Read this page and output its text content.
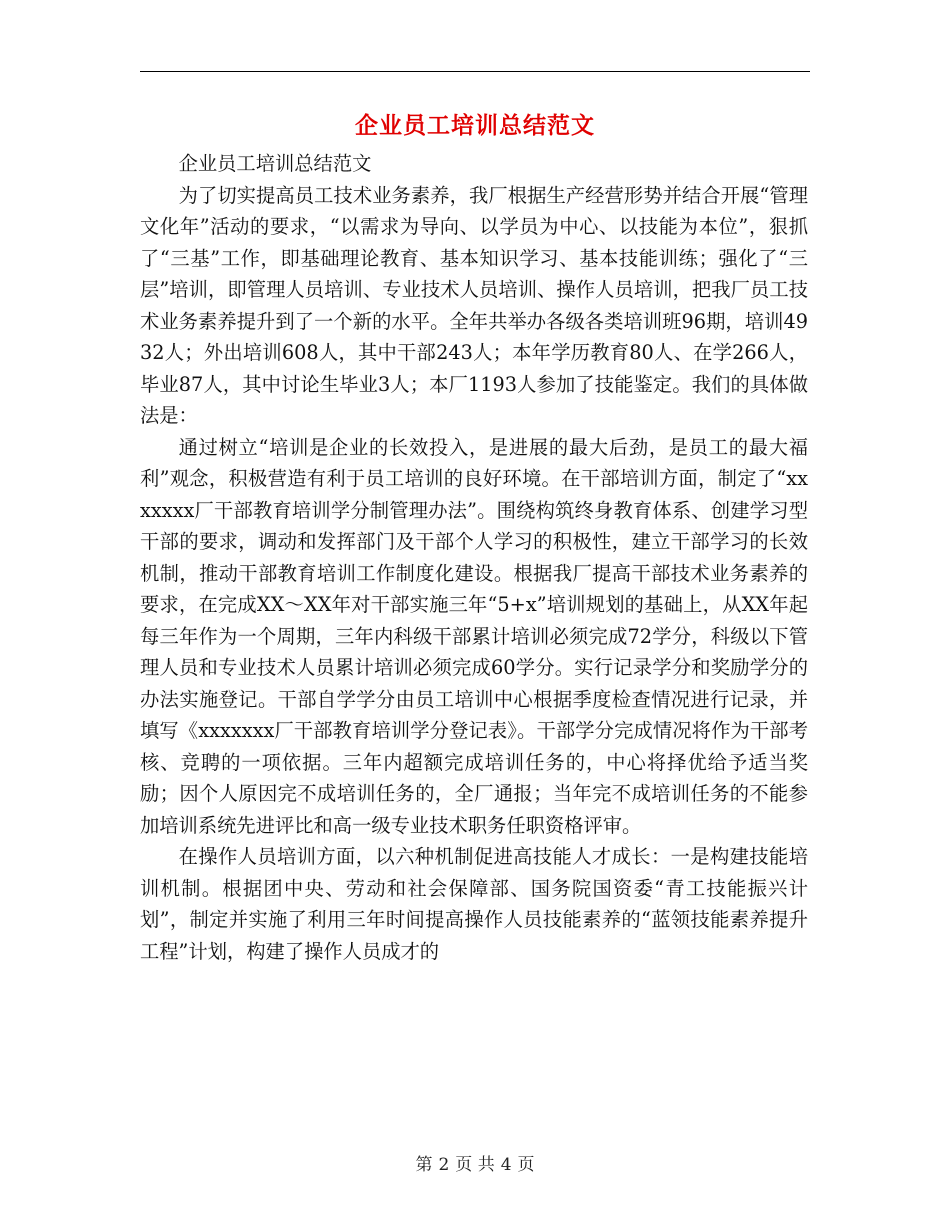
企业员工培训总结范文

企业员工培训总结范文

为了切实提高员工技术业务素养，我厂根据生产经营形势并结合开展“管理文化年”活动的要求，“以需求为导向、以学员为中心、以技能为本位”，狠抓了“三基”工作，即基础理论教育、基本知识学习、基本技能训练；强化了“三层”培训，即管理人员培训、专业技术人员培训、操作人员培训，把我厂员工技术业务素养提升到了一个新的水平。全年共举办各级各类培训班96期，培训4932人；外出培训608人，其中干部243人；本年学历教育80人、在学266人，毕业87人，其中讨论生毕业3人；本厂1193人参加了技能鉴定。我们的具体做法是：

通过树立“培训是企业的长效投入，是进展的最大后劲，是员工的最大福利”观念，积极营造有利于员工培训的良好环境。在干部培训方面，制定了“xxxxxxx厂干部教育培训学分制管理办法”。围绕构筑终身教育体系、创建学习型干部的要求，调动和发挥部门及干部个人学习的积极性，建立干部学习的长效机制，推动干部教育培训工作制度化建设。根据我厂提高干部技术业务素养的要求，在完成XX～XX年对干部实施三年“5+x”培训规划的基础上，从XX年起每三年作为一个周期，三年内科级干部累计培训必须完成72学分，科级以下管理人员和专业技术人员累计培训必须完成60学分。实行记录学分和奖励学分的办法实施登记。干部自学学分由员工培训中心根据季度检查情况进行记录，并填写《xxxxxxx厂干部教育培训学分登记表》。干部学分完成情况将作为干部考核、竞聘的一项依据。三年内超额完成培训任务的，中心将择优给予适当奖励；因个人原因完不成培训任务的，全厂通报；当年完不成培训任务的不能参加培训系统先进评比和高一级专业技术职务任职资格评审。

在操作人员培训方面，以六种机制促进高技能人才成长：一是构建技能培训机制。根据团中央、劳动和社会保障部、国务院国资委“青工技能振兴计划”，制定并实施了利用三年时间提高操作人员技能素养的“蓝领技能素养提升工程”计划，构建了操作人员成才的

第 2 页 共 4 页
